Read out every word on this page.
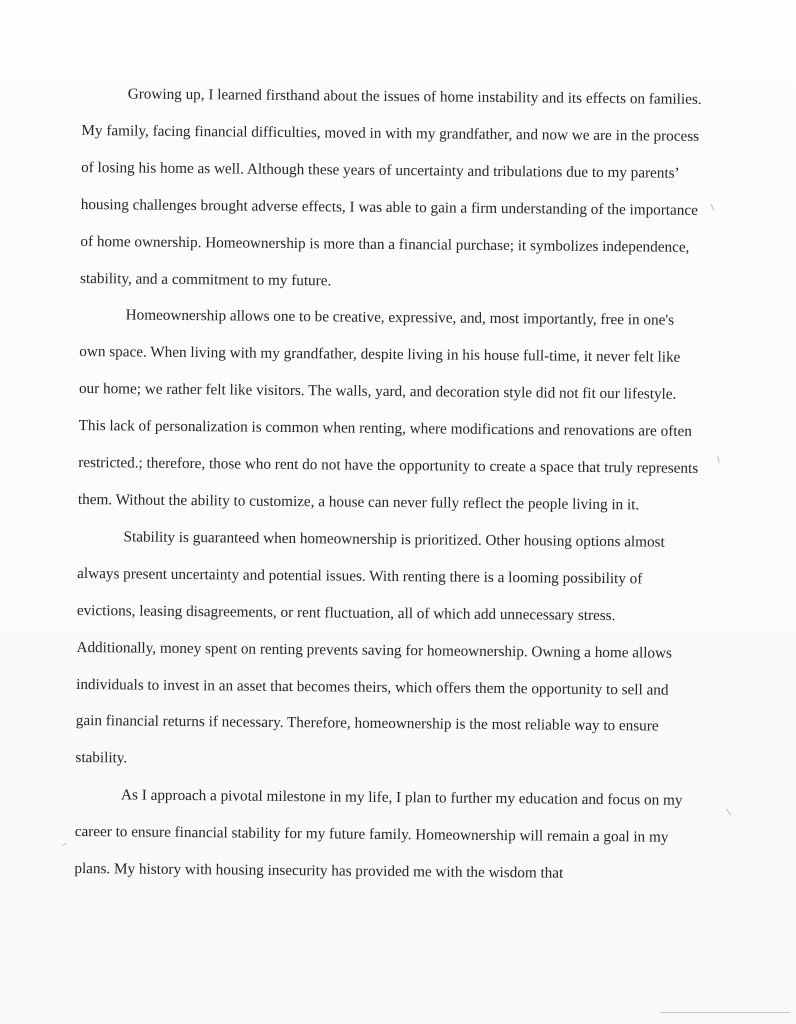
Growing up, I learned firsthand about the issues of home instability and its effects on families. My family, facing financial difficulties, moved in with my grandfather, and now we are in the process of losing his home as well. Although these years of uncertainty and tribulations due to my parents’ housing challenges brought adverse effects, I was able to gain a firm understanding of the importance of home ownership. Homeownership is more than a financial purchase; it symbolizes independence, stability, and a commitment to my future.

Homeownership allows one to be creative, expressive, and, most importantly, free in one's own space. When living with my grandfather, despite living in his house full-time, it never felt like our home; we rather felt like visitors. The walls, yard, and decoration style did not fit our lifestyle. This lack of personalization is common when renting, where modifications and renovations are often restricted.; therefore, those who rent do not have the opportunity to create a space that truly represents them. Without the ability to customize, a house can never fully reflect the people living in it.

Stability is guaranteed when homeownership is prioritized. Other housing options almost always present uncertainty and potential issues. With renting there is a looming possibility of evictions, leasing disagreements, or rent fluctuation, all of which add unnecessary stress. Additionally, money spent on renting prevents saving for homeownership. Owning a home allows individuals to invest in an asset that becomes theirs, which offers them the opportunity to sell and gain financial returns if necessary. Therefore, homeownership is the most reliable way to ensure stability.

As I approach a pivotal milestone in my life, I plan to further my education and focus on my career to ensure financial stability for my future family. Homeownership will remain a goal in my plans. My history with housing insecurity has provided me with the wisdom that
